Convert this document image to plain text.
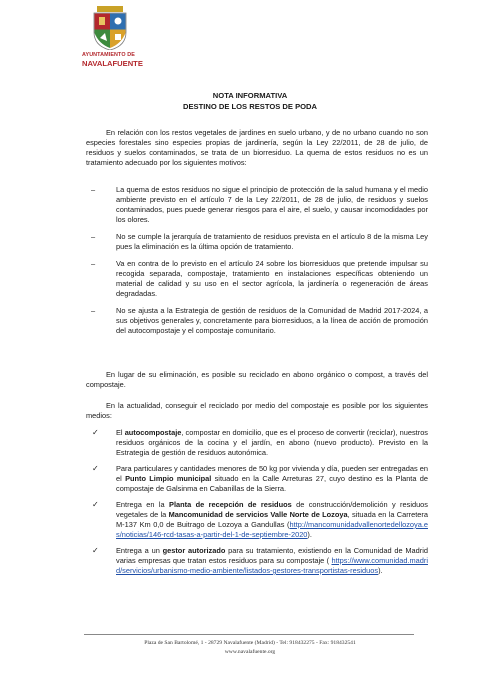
AYUNTAMIENTO DE
NAVALAFUENTE
NOTA INFORMATIVA
DESTINO DE LOS RESTOS DE PODA
En relación con los restos vegetales de jardines en suelo urbano, y de no urbano cuando no son especies forestales sino especies propias de jardinería, según la Ley 22/2011, de 28 de julio, de residuos y suelos contaminados, se trata de un biorresiduo. La quema de estos residuos no es un tratamiento adecuado por los siguientes motivos:
–	La quema de estos residuos no sigue el principio de protección de la salud humana y el medio ambiente previsto en el artículo 7 de la Ley 22/2011, de 28 de julio, de residuos y suelos contaminados, pues puede generar riesgos para el aire, el suelo, y causar incomodidades por los olores.
–	No se cumple la jerarquía de tratamiento de residuos prevista en el artículo 8 de la misma Ley pues la eliminación es la última opción de tratamiento.
–	Va en contra de lo previsto en el artículo 24 sobre los biorresiduos que pretende impulsar su recogida separada, compostaje, tratamiento en instalaciones específicas obteniendo un material de calidad y su uso en el sector agrícola, la jardinería o regeneración de áreas degradadas.
–	No se ajusta a la Estrategia de gestión de residuos de la Comunidad de Madrid 2017-2024, a sus objetivos generales y, concretamente para biorresiduos, a la línea de acción de promoción del autocompostaje y el compostaje comunitario.
En lugar de su eliminación, es posible su reciclado en abono orgánico o compost, a través del compostaje.
En la actualidad, conseguir el reciclado por medio del compostaje es posible por los siguientes medios:
✓ El autocompostaje, compostar en domicilio, que es el proceso de convertir (reciclar), nuestros residuos orgánicos de la cocina y el jardín, en abono (nuevo producto). Previsto en la Estrategia de gestión de residuos autonómica.
✓ Para particulares y cantidades menores de 50 kg por vivienda y día, pueden ser entregadas en el Punto Limpio municipal situado en la Calle Arreturas 27, cuyo destino es la Planta de compostaje de Galsinma en Cabanillas de la Sierra.
✓ Entrega en la Planta de recepción de residuos de construcción/demolición y residuos vegetales de la Mancomunidad de servicios Valle Norte de Lozoya, situada en la Carretera M-137 Km 0,0 de Buitrago de Lozoya a Gandullas (http://mancomunidadvallenortedellozoya.es/noticias/146-rcd-tasas-a-partir-del-1-de-septiembre-2020).
✓ Entrega a un gestor autorizado para su tratamiento, existiendo en la Comunidad de Madrid varias empresas que tratan estos residuos para su compostaje ( https://www.comunidad.madrid/servicios/urbanismo-medio-ambiente/listados-gestores-transportistas-residuos).
Plaza de San Bartolomé, 1 - 28729 Navalafuente (Madrid) - Tel: 918432275 - Fax: 918432541
www.navalafuente.org
